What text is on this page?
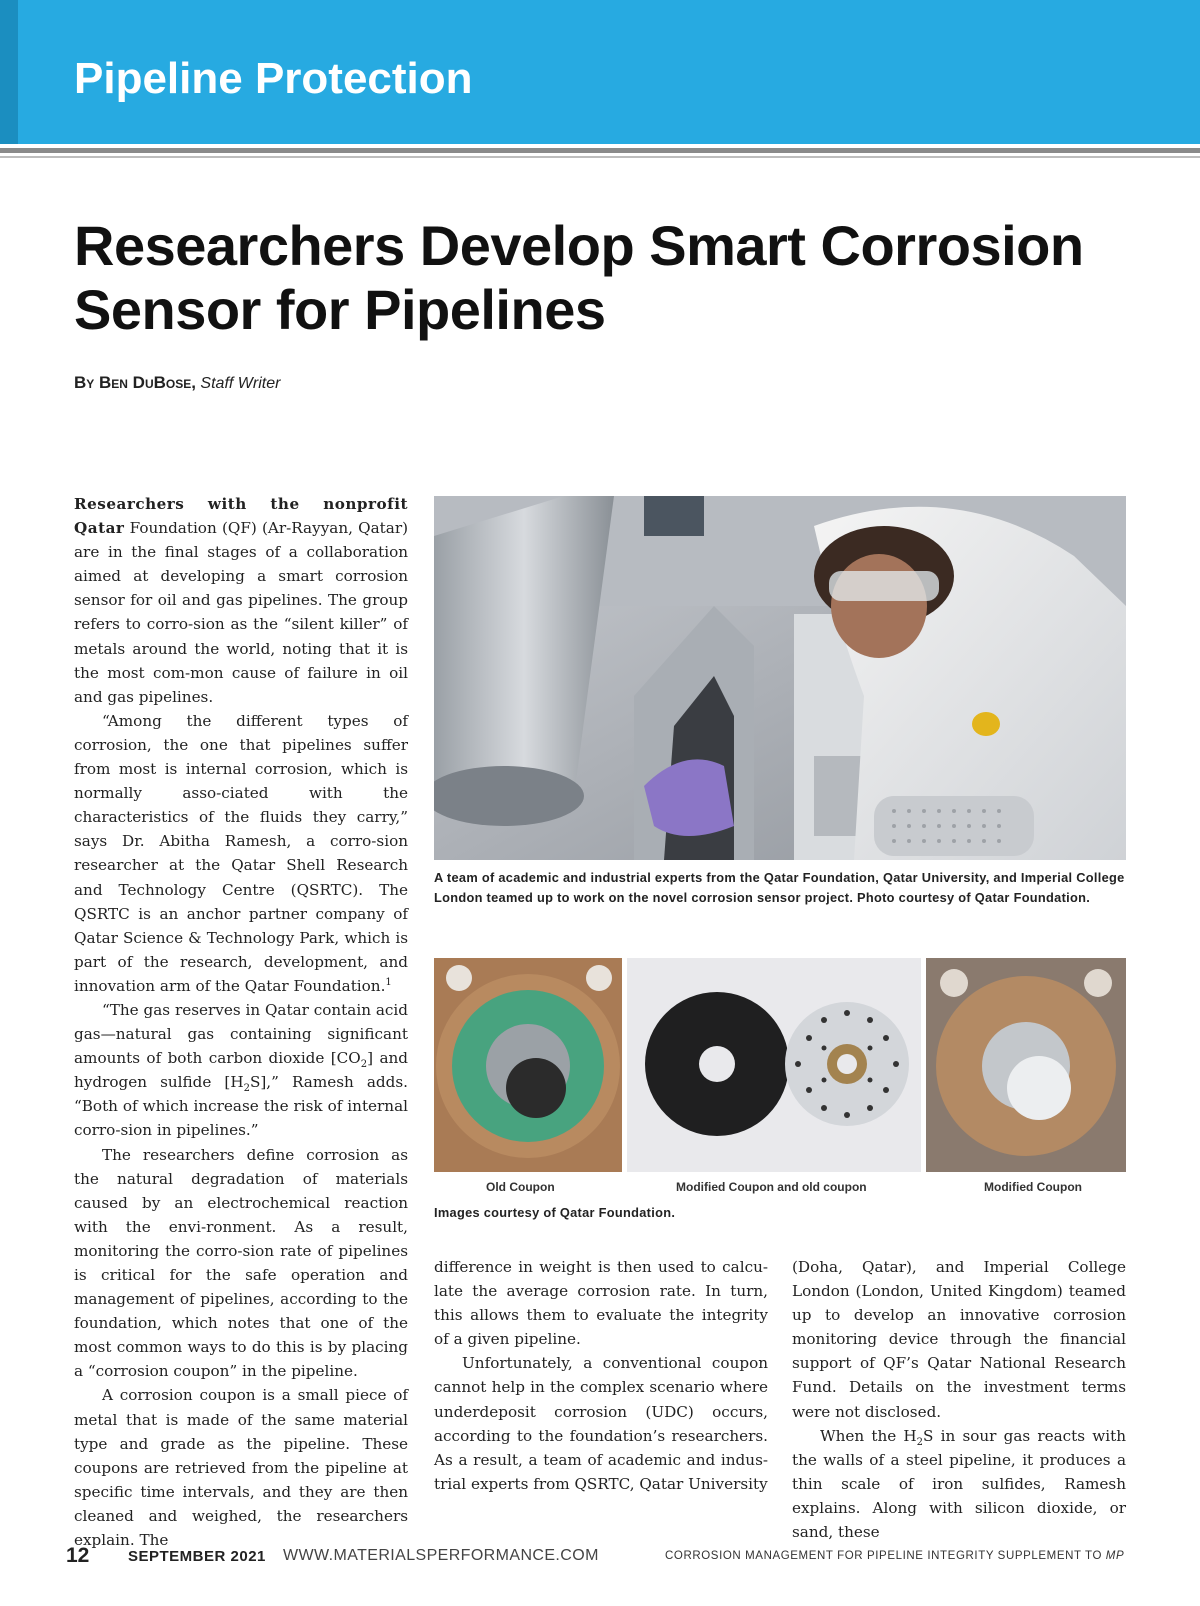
Pipeline Protection
Researchers Develop Smart Corrosion Sensor for Pipelines
By Ben DuBose, Staff Writer

Researchers with the nonprofit Qatar Foundation (QF) (Ar-Rayyan, Qatar) are in the final stages of a collaboration aimed at developing a smart corrosion sensor for oil and gas pipelines. The group refers to corro-sion as the “silent killer” of metals around the world, noting that it is the most com-mon cause of failure in oil and gas pipelines.

“Among the different types of corrosion, the one that pipelines suffer from most is internal corrosion, which is normally asso-ciated with the characteristics of the fluids they carry,” says Dr. Abitha Ramesh, a corro-sion researcher at the Qatar Shell Research and Technology Centre (QSRTC). The QSRTC is an anchor partner company of Qatar Science & Technology Park, which is part of the research, development, and innovation arm of the Qatar Foundation.$^1$

“The gas reserves in Qatar contain acid gas—natural gas containing significant amounts of both carbon dioxide $[CO_2]$ and hydrogen sulfide $[H_2S]$,” Ramesh adds. “Both of which increase the risk of internal corro-sion in pipelines.”

The researchers define corrosion as the natural degradation of materials caused by an electrochemical reaction with the envi-ronment. As a result, monitoring the corro-sion rate of pipelines is critical for the safe operation and management of pipelines, according to the foundation, which notes that one of the most common ways to do this is by placing a “corrosion coupon” in the pipeline.

A corrosion coupon is a small piece of metal that is made of the same material type and grade as the pipeline. These coupons are retrieved from the pipeline at specific time intervals, and they are then cleaned and weighed, the researchers explain. The

A team of academic and industrial experts from the Qatar Foundation, Qatar University, and Imperial College London teamed up to work on the novel corrosion sensor project. Photo courtesy of Qatar Foundation.
Old Coupon	Modified Coupon and old coupon	Modified Coupon
Images courtesy of Qatar Foundation.

difference in weight is then used to calcu-late the average corrosion rate. In turn, this allows them to evaluate the integrity of a given pipeline.

Unfortunately, a conventional coupon cannot help in the complex scenario where underdeposit corrosion (UDC) occurs, according to the foundation’s researchers. As a result, a team of academic and indus-trial experts from QSRTC, Qatar University

(Doha, Qatar), and Imperial College London (London, United Kingdom) teamed up to develop an innovative corrosion monitoring device through the financial support of QF’s Qatar National Research Fund. Details on the investment terms were not disclosed.

When the $H_2S$ in sour gas reacts with the walls of a steel pipeline, it produces a thin scale of iron sulfides, Ramesh explains. Along with silicon dioxide, or sand, these

12	SEPTEMBER 2021 WWW.MATERIALSPERFORMANCE.COM	CORROSION MANAGEMENT FOR PIPELINE INTEGRITY SUPPLEMENT TO MP
